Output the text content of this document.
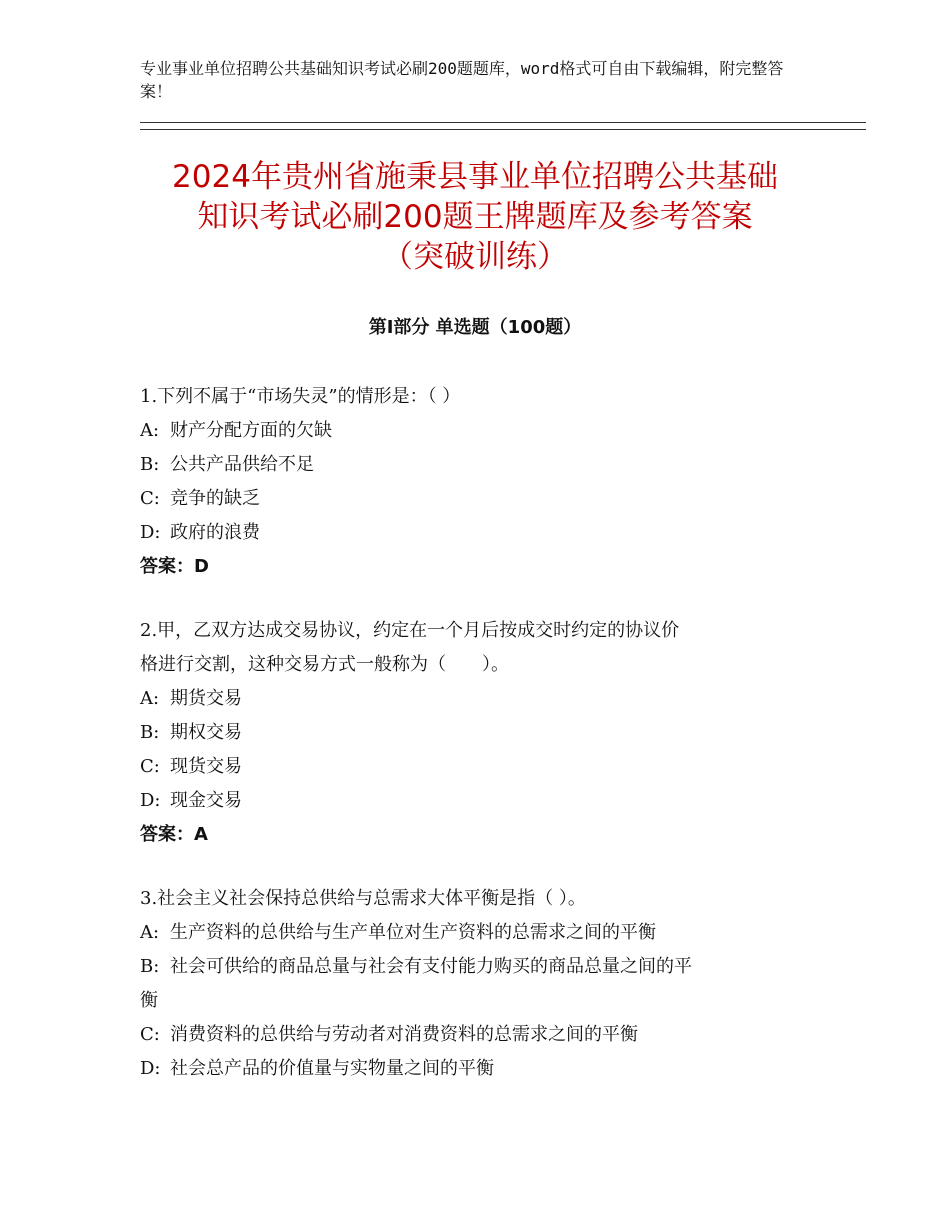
专业事业单位招聘公共基础知识考试必刷200题题库，word格式可自由下载编辑，附完整答案！
2024年贵州省施秉县事业单位招聘公共基础
知识考试必刷200题王牌题库及参考答案
（突破训练）
第Ⅰ部分 单选题（100题）
1.下列不属于“市场失灵”的情形是：（ ）
A: 财产分配方面的欠缺
B: 公共产品供给不足
C: 竞争的缺乏
D: 政府的浪费
答案：D
2.甲，乙双方达成交易协议，约定在一个月后按成交时约定的协议价
格进行交割，这种交易方式一般称为（　　）。
A: 期货交易
B: 期权交易
C: 现货交易
D: 现金交易
答案：A
3.社会主义社会保持总供给与总需求大体平衡是指（ ）。
A: 生产资料的总供给与生产单位对生产资料的总需求之间的平衡
B: 社会可供给的商品总量与社会有支付能力购买的商品总量之间的平
衡
C: 消费资料的总供给与劳动者对消费资料的总需求之间的平衡
D: 社会总产品的价值量与实物量之间的平衡
